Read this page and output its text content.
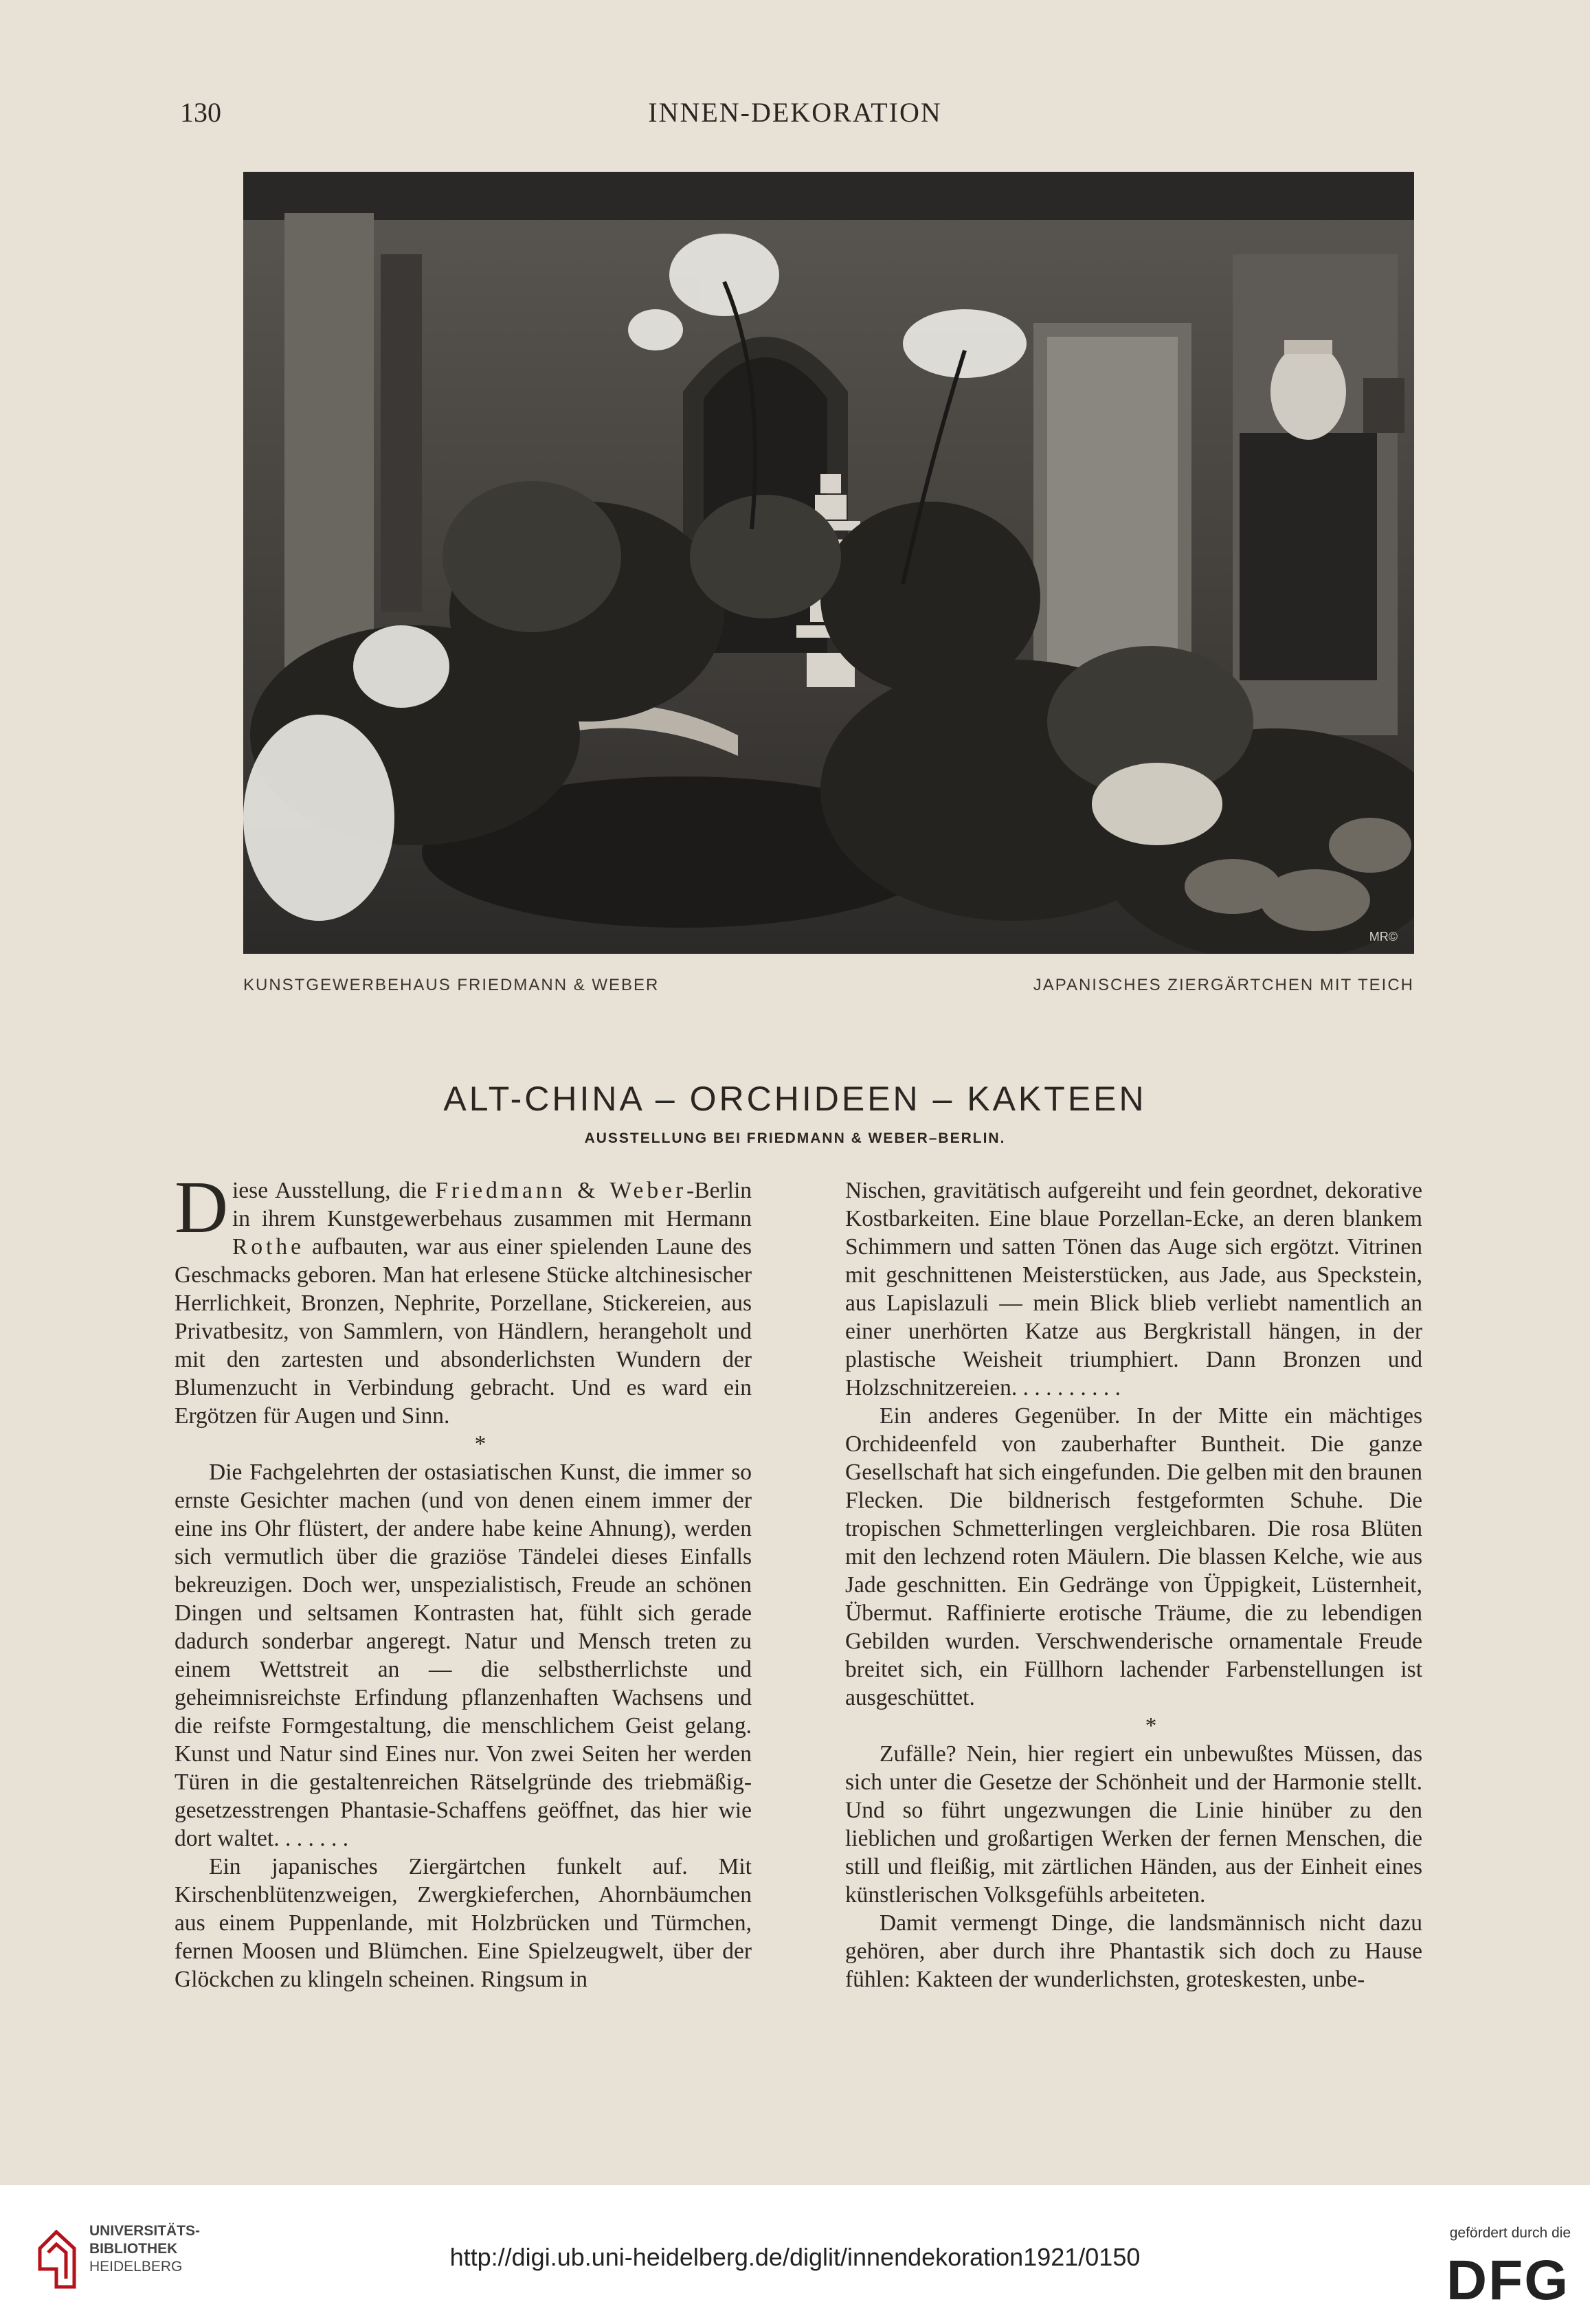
130	INNEN-DEKORATION
MR©
KUNSTGEWERBEHAUS FRIEDMANN & WEBER	JAPANISCHES ZIERGÄRTCHEN MIT TEICH
ALT-CHINA – ORCHIDEEN – KAKTEEN
AUSSTELLUNG BEI FRIEDMANN & WEBER–BERLIN.

Diese Ausstellung, die Friedmann & Weber-Berlin in ihrem Kunstgewerbehaus zusammen mit Hermann Rothe aufbauten, war aus einer spielenden Laune des Geschmacks geboren. Man hat erlesene Stücke altchinesischer Herrlichkeit, Bronzen, Nephrite, Porzellane, Stickereien, aus Privatbesitz, von Sammlern, von Händlern, herangeholt und mit den zartesten und absonderlichsten Wundern der Blumenzucht in Verbindung gebracht. Und es ward ein Ergötzen für Augen und Sinn.

*

Die Fachgelehrten der ostasiatischen Kunst, die immer so ernste Gesichter machen (und von denen einem immer der eine ins Ohr flüstert, der andere habe keine Ahnung), werden sich vermutlich über die graziöse Tändelei dieses Einfalls bekreuzigen. Doch wer, unspezialistisch, Freude an schönen Dingen und seltsamen Kontrasten hat, fühlt sich gerade dadurch sonderbar angeregt. Natur und Mensch treten zu einem Wettstreit an — die selbstherrlichste und geheimnisreichste Erfindung pflanzenhaften Wachsens und die reifste Formgestaltung, die menschlichem Geist gelang. Kunst und Natur sind Eines nur. Von zwei Seiten her werden Türen in die gestaltenreichen Rätselgründe des triebmäßig-gesetzesstrengen Phantasie-Schaffens geöffnet, das hier wie dort waltet. . . . . . .

Ein japanisches Ziergärtchen funkelt auf. Mit Kirschenblütenzweigen, Zwergkieferchen, Ahornbäumchen aus einem Puppenlande, mit Holzbrücken und Türmchen, fernen Moosen und Blümchen. Eine Spielzeugwelt, über der Glöckchen zu klingeln scheinen. Ringsum in

Nischen, gravitätisch aufgereiht und fein geordnet, dekorative Kostbarkeiten. Eine blaue Porzellan-Ecke, an deren blankem Schimmern und satten Tönen das Auge sich ergötzt. Vitrinen mit geschnittenen Meisterstücken, aus Jade, aus Speckstein, aus Lapislazuli — mein Blick blieb verliebt namentlich an einer unerhörten Katze aus Bergkristall hängen, in der plastische Weisheit triumphiert. Dann Bronzen und Holzschnitzereien. . . . . . . . . .

Ein anderes Gegenüber. In der Mitte ein mächtiges Orchideenfeld von zauberhafter Buntheit. Die ganze Gesellschaft hat sich eingefunden. Die gelben mit den braunen Flecken. Die bildnerisch festgeformten Schuhe. Die tropischen Schmetterlingen vergleichbaren. Die rosa Blüten mit den lechzend roten Mäulern. Die blassen Kelche, wie aus Jade geschnitten. Ein Gedränge von Üppigkeit, Lüsternheit, Übermut. Raffinierte erotische Träume, die zu lebendigen Gebilden wurden. Verschwenderische ornamentale Freude breitet sich, ein Füllhorn lachender Farbenstellungen ist ausgeschüttet.

*

Zufälle? Nein, hier regiert ein unbewußtes Müssen, das sich unter die Gesetze der Schönheit und der Harmonie stellt. Und so führt ungezwungen die Linie hinüber zu den lieblichen und großartigen Werken der fernen Menschen, die still und fleißig, mit zärtlichen Händen, aus der Einheit eines künstlerischen Volksgefühls arbeiteten.

Damit vermengt Dinge, die landsmännisch nicht dazu gehören, aber durch ihre Phantastik sich doch zu Hause fühlen: Kakteen der wunderlichsten, groteskesten, unbe-

UNIVERSITÄTS-
BIBLIOTHEK
HEIDELBERG	http://digi.ub.uni-heidelberg.de/diglit/innendekoration1921/0150
gefördert durch die
DFG
